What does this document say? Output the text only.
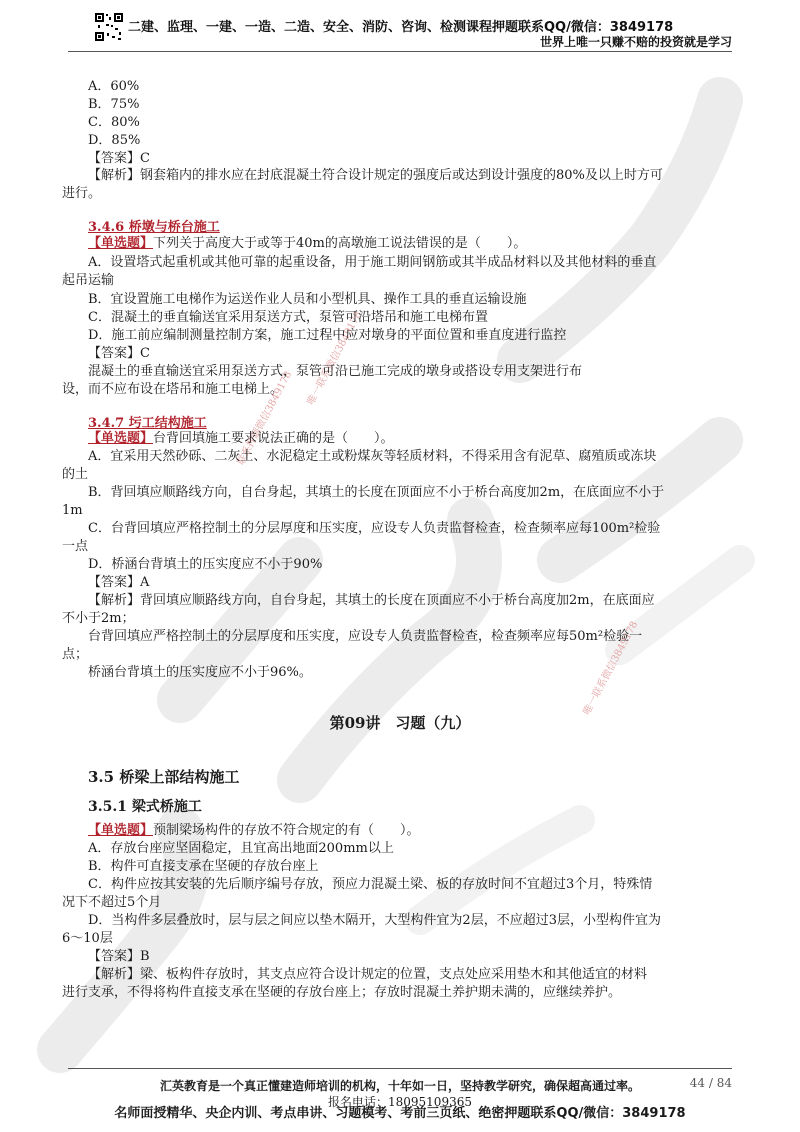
二建、监理、一建、一造、二造、安全、消防、咨询、检测课程押题联系QQ/微信：3849178
世界上唯一只赚不赔的投资就是学习
联系押题微信3849178
唯一联系微信3849178
唯一联系微信3849178
A．60%
B．75%
C．80%
D．85%
【答案】C
【解析】钢套箱内的排水应在封底混凝土符合设计规定的强度后或达到设计强度的80%及以上时方可
进行。
3.4.6 桥墩与桥台施工
【单选题】下列关于高度大于或等于40m的高墩施工说法错误的是（　　）。
A．设置塔式起重机或其他可靠的起重设备，用于施工期间钢筋或其半成品材料以及其他材料的垂直
起吊运输
B．宜设置施工电梯作为运送作业人员和小型机具、操作工具的垂直运输设施
C．混凝土的垂直输送宜采用泵送方式，泵管可沿塔吊和施工电梯布置
D．施工前应编制测量控制方案，施工过程中应对墩身的平面位置和垂直度进行监控
【答案】C
混凝土的垂直输送宜采用泵送方式，泵管可沿已施工完成的墩身或搭设专用支架进行布
设，而不应布设在塔吊和施工电梯上。
3.4.7 圬工结构施工
【单选题】台背回填施工要求说法正确的是（　　）。
A．宜采用天然砂砾、二灰土、水泥稳定土或粉煤灰等轻质材料，不得采用含有泥草、腐殖质或冻块
的土
B．背回填应顺路线方向，自台身起，其填土的长度在顶面应不小于桥台高度加2m，在底面应不小于
1m
C．台背回填应严格控制土的分层厚度和压实度，应设专人负责监督检查，检查频率应每100m²检验
一点
D．桥涵台背填土的压实度应不小于90%
【答案】A
【解析】背回填应顺路线方向，自台身起，其填土的长度在顶面应不小于桥台高度加2m，在底面应
不小于2m；
台背回填应严格控制土的分层厚度和压实度，应设专人负责监督检查，检查频率应每50m²检验一
点；
桥涵台背填土的压实度应不小于96%。
第09讲　习题（九）
3.5 桥梁上部结构施工
3.5.1 梁式桥施工
【单选题】预制梁场构件的存放不符合规定的有（　　）。
A．存放台座应坚固稳定，且宜高出地面200mm以上
B．构件可直接支承在坚硬的存放台座上
C．构件应按其安装的先后顺序编号存放，预应力混凝土梁、板的存放时间不宜超过3个月，特殊情
况下不超过5个月
D．当构件多层叠放时，层与层之间应以垫木隔开，大型构件宜为2层，不应超过3层，小型构件宜为
6～10层
【答案】B
【解析】梁、板构件存放时，其支点应符合设计规定的位置，支点处应采用垫木和其他适宜的材料
进行支承，不得将构件直接支承在坚硬的存放台座上；存放时混凝土养护期未满的，应继续养护。
汇英教育是一个真正懂建造师培训的机构，十年如一日，坚持教学研究，确保超高通过率。	44 / 84
报名电话：18095109365
名师面授精华、央企内训、考点串讲、习题模考、考前三页纸、绝密押题联系QQ/微信：3849178
